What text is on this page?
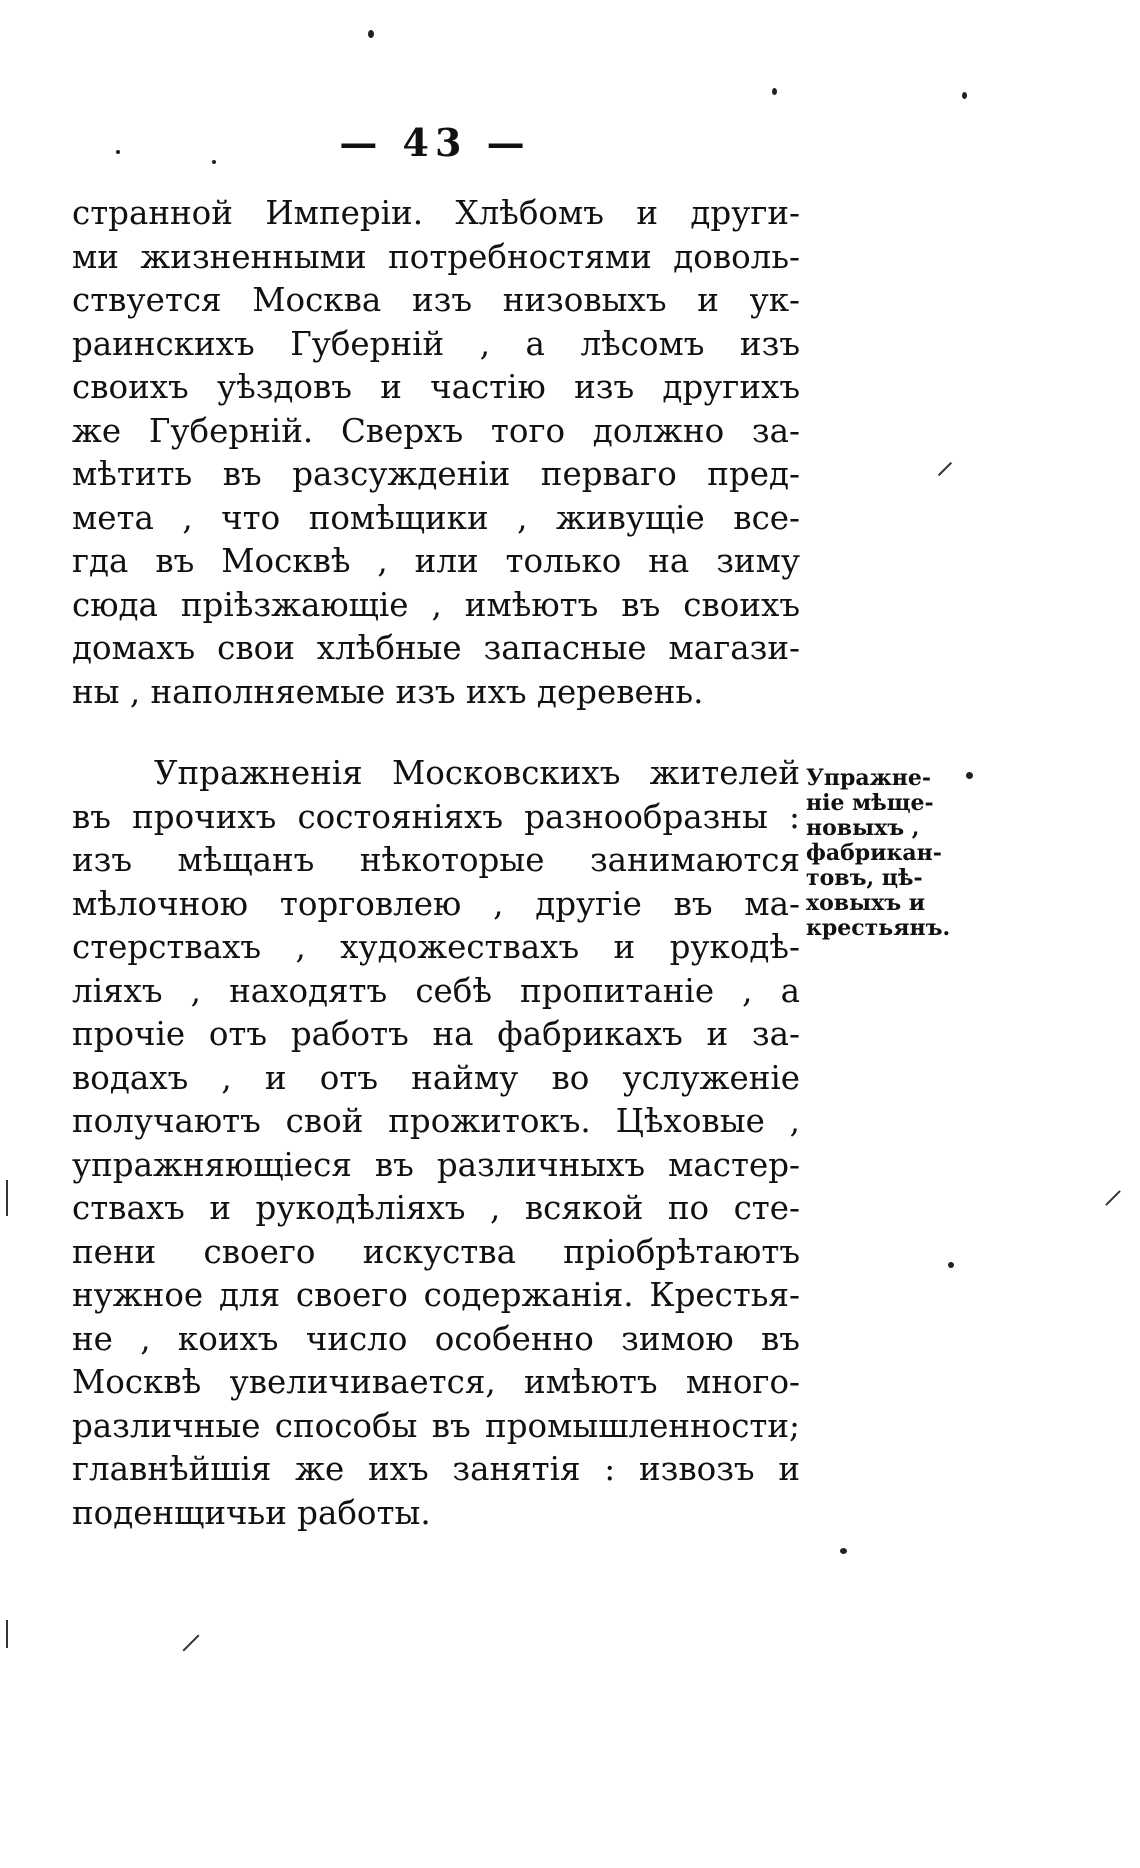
— 43 —
странной Имперiи. Хлѣбомъ и други-
ми жизненными потребностями доволь-
ствуется Москва изъ низовыхъ и ук-
раинскихъ Губернiй , а лѣсомъ изъ
своихъ уѣздовъ и частiю изъ другихъ
же Губернiй. Сверхъ того должно за-
мѣтить въ разсужденiи перваго пред-
мета , что помѣщики , живущiе все-
гда въ Москвѣ , или только на зиму
сюда прiѣзжающiе , имѣютъ въ своихъ
домахъ свои хлѣбные запасные магази-
ны , наполняемые изъ ихъ деревень.
Упражненiя Московскихъ жителей
въ прочихъ состоянiяхъ разнообразны :
изъ мѣщанъ нѣкоторые занимаются
мѣлочною торговлею , другiе въ ма-
стерствахъ , художествахъ и рукодѣ-
лiяхъ , находятъ себѣ пропитанiе , а
прочiе отъ работъ на фабрикахъ и за-
водахъ , и отъ найму во услуженiе
получаютъ свой прожитокъ. Цѣховые ,
упражняющiеся въ различныхъ мастер-
ствахъ и рукодѣлiяхъ , всякой по сте-
пени своего искуства прiобрѣтаютъ
нужное для своего содержанiя. Крестья-
не , коихъ число особенно зимою въ
Москвѣ увеличивается, имѣютъ много-
различные способы въ промышленности;
главнѣйшiя же ихъ занятiя : извозъ и
поденщичьи работы.
Упражне-
нiе мѣще-
новыхъ ,
фабрикан-
товъ, цѣ-
ховыхъ и
крестьянъ.
